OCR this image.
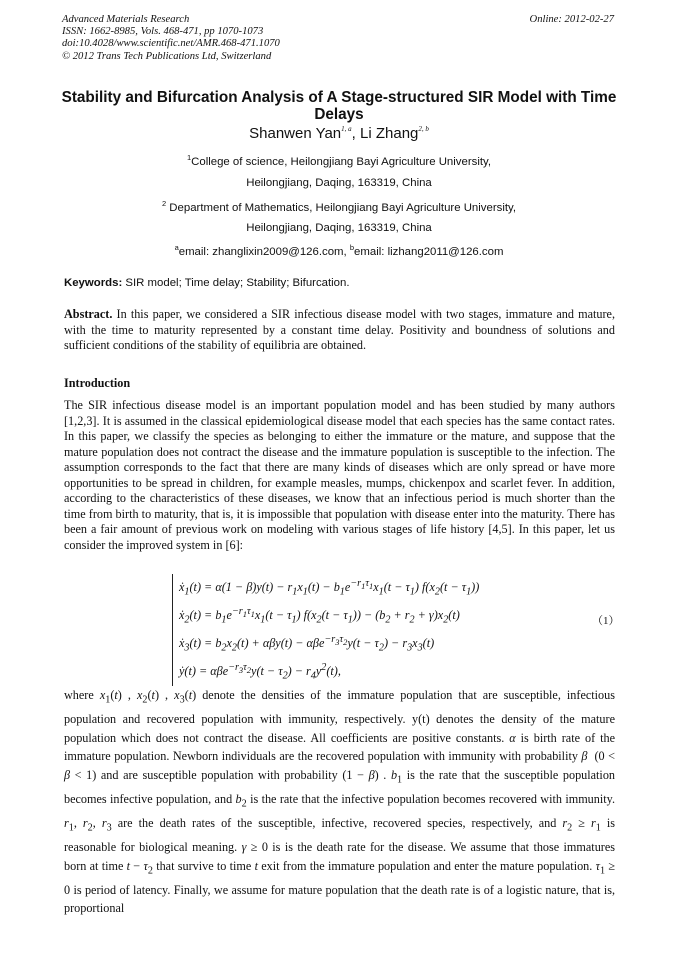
Advanced Materials Research
ISSN: 1662-8985, Vols. 468-471, pp 1070-1073
doi:10.4028/www.scientific.net/AMR.468-471.1070
© 2012 Trans Tech Publications Ltd, Switzerland
Online: 2012-02-27
Stability and Bifurcation Analysis of A Stage-structured SIR Model with Time Delays
Shanwen Yan$^{1, a}$, Li Zhang$^{2, b}$
$^1$College of science, Heilongjiang Bayi Agriculture University,
Heilongjiang, Daqing, 163319, China
$^2$ Department of Mathematics, Heilongjiang Bayi Agriculture University,
Heilongjiang, Daqing, 163319, China
$^a$email: zhanglixin2009@126.com, $^b$email: lizhang2011@126.com
Keywords: SIR model; Time delay; Stability; Bifurcation.
Abstract. In this paper, we considered a SIR infectious disease model with two stages, immature and mature, with the time to maturity represented by a constant time delay. Positivity and boundness of solutions and sufficient conditions of the stability of equilibria are obtained.
Introduction
The SIR infectious disease model is an important population model and has been studied by many authors [1,2,3]. It is assumed in the classical epidemiological disease model that each species has the same contact rates. In this paper, we classify the species as belonging to either the immature or the mature, and suppose that the mature population does not contract the disease and the immature population is susceptible to the infection. The assumption corresponds to the fact that there are many kinds of diseases which are only spread or have more opportunities to be spread in children, for example measles, mumps, chickenpox and scarlet fever. In addition, according to the characteristics of these diseases, we know that an infectious period is much shorter than the time from birth to maturity, that is, it is impossible that population with disease enter into the maturity. There has been a fair amount of previous work on modeling with various stages of life history [4,5]. In this paper, let us consider the improved system in [6]:
ẋ$_1$(t) = $\alpha(1 - \beta)y(t) - r_1x_1(t) - b_1e^{-r_1\tau_1}x_1(t - \tau_1) f(x_2(t - \tau_1))$
ẋ$_2$(t) = $b_1e^{-r_1\tau_1}x_1(t - \tau_1) f(x_2(t - \tau_1)) - (b_2 + r_2 + \gamma)x_2(t)$
ẋ$_3$(t) = $b_2x_2(t) + \alpha\beta y(t) - \alpha\beta e^{-r_3\tau_2}y(t - \tau_2) - r_3x_3(t)$
ẏ(t) = $\alpha\beta e^{-r_3\tau_2}y(t - \tau_2) - r_4y^2(t)$,
（1）
where $x_1(t)$ , $x_2(t)$ , $x_3(t)$ denote the densities of the immature population that are susceptible, infectious population and recovered population with immunity, respectively. y(t) denotes the density of the mature population which does not contract the disease. All coefficients are positive constants. α is birth rate of the immature population. Newborn individuals are the recovered population with immunity with probability β  (0 < β < 1) and are susceptible population with probability (1 − β) . $b_1$ is the rate that the susceptible population becomes infective population, and $b_2$ is the rate that the infective population becomes recovered with immunity. $r_1$, $r_2$, $r_3$ are the death rates of the susceptible, infective, recovered species, respectively, and $r_2 \ge r_1$ is reasonable for biological meaning. γ ≥ 0 is is the death rate for the disease. We assume that those immatures born at time $t - \tau_2$ that survive to time t exit from the immature population and enter the mature population. $\tau_1 \ge 0$ is period of latency. Finally, we assume for mature population that the death rate is of a logistic nature, that is, proportional
